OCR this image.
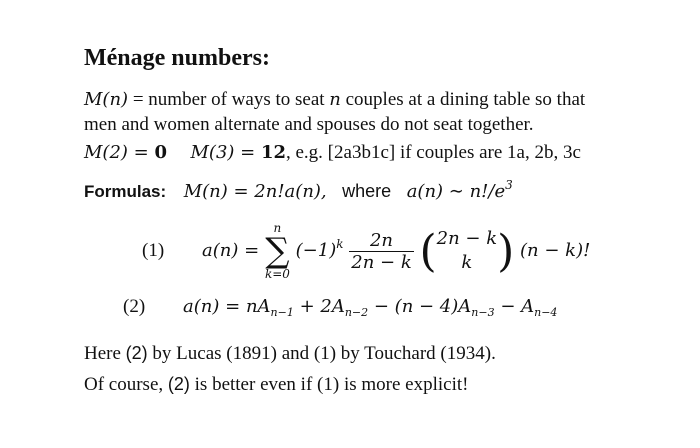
Ménage numbers:
M(n) = number of ways to seat n couples at a dining table so that
men and women alternate and spouses do not seat together.
M(2) = 0 M(3) = 12, e.g. [2a3b1c] if couples are 1a, 2b, 3c
Formulas: M(n) = 2n!a(n), where a(n) ∼ $n!/e^3$
(1) a(n) =
n
∑
k=0
$(-1)^k \frac{2n}{2n - k}$ ( 2n − k
k ) (n − k)!
(2) $a(n) = nA_{n-1} + 2A_{n-2} - (n - 4)A_{n-3} - A_{n-4}$
Here (2) by Lucas (1891) and (1) by Touchard (1934).
Of course, (2) is better even if (1) is more explicit!
